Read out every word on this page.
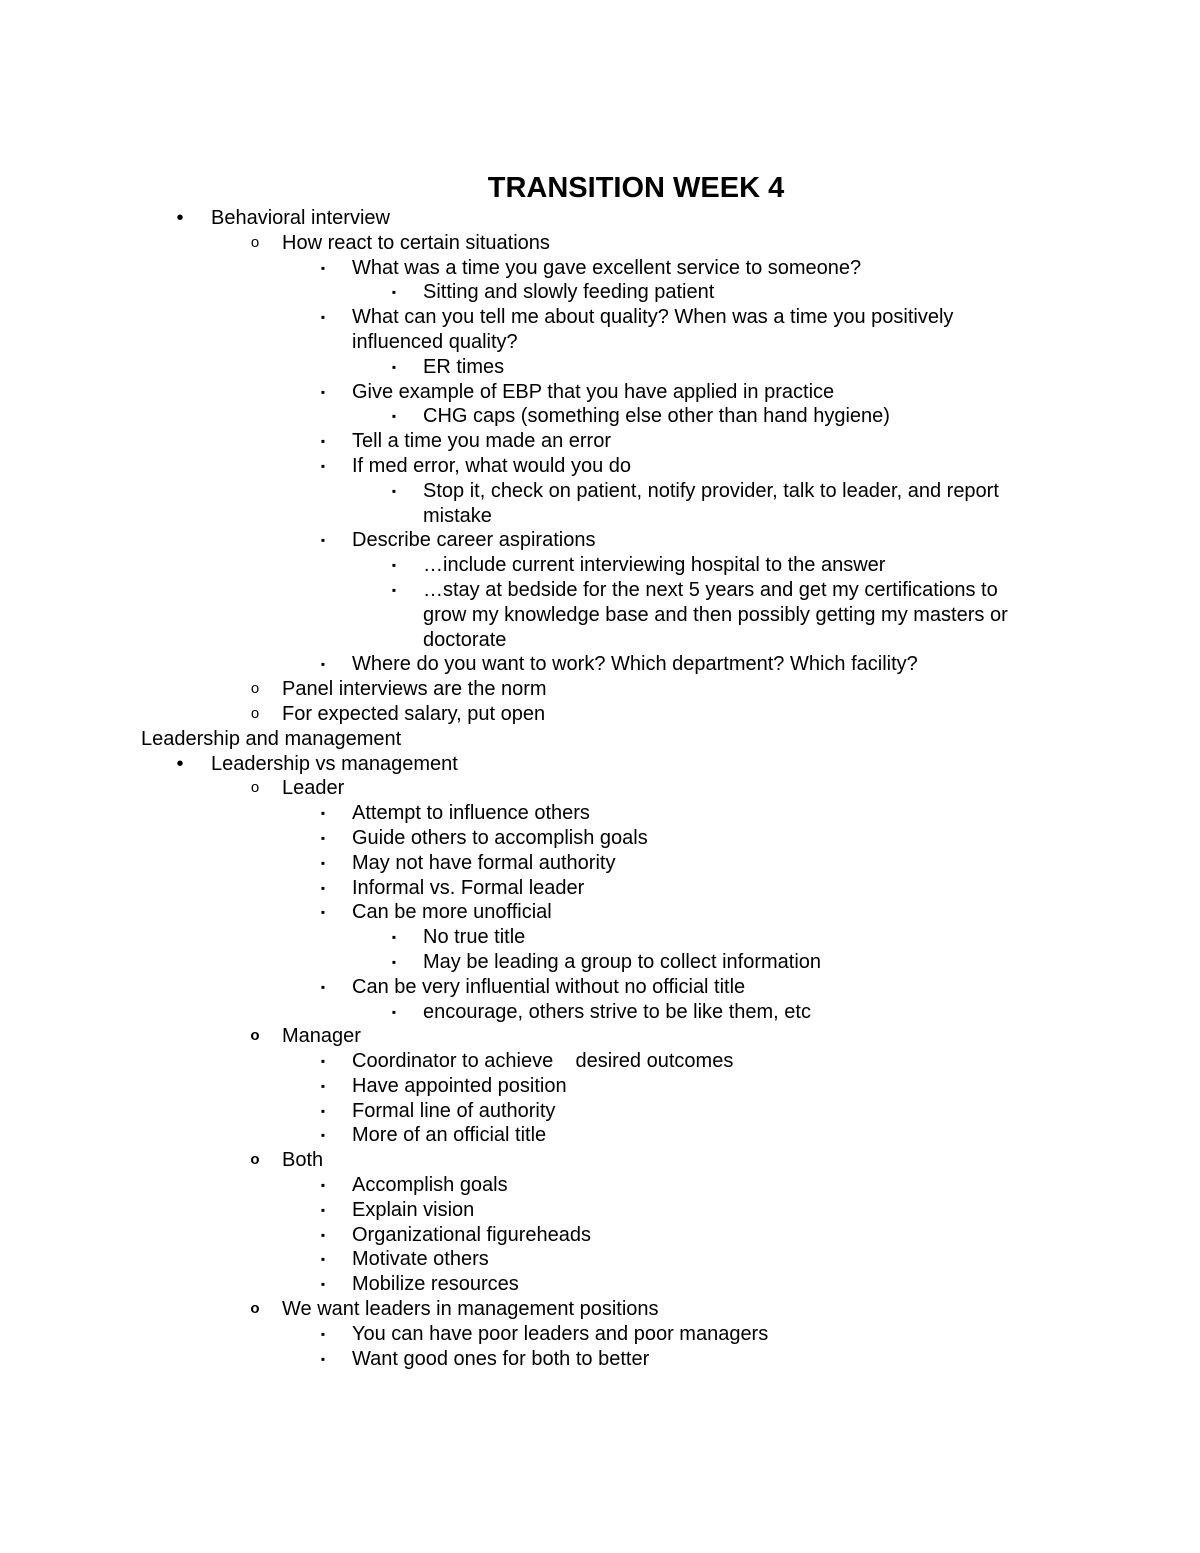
TRANSITION WEEK 4
•	Behavioral interview
o How react to certain situations
▪	What was a time you gave excellent service to someone?
▪	Sitting and slowly feeding patient
▪	What can you tell me about quality? When was a time you positively
influenced quality?
▪	ER times
▪	Give example of EBP that you have applied in practice
▪	CHG caps (something else other than hand hygiene)
▪	Tell a time you made an error
▪	If med error, what would you do
▪	Stop it, check on patient, notify provider, talk to leader, and report
mistake
▪	Describe career aspirations
▪	…include current interviewing hospital to the answer
▪	…stay at bedside for the next 5 years and get my certifications to
grow my knowledge base and then possibly getting my masters or
doctorate
▪	Where do you want to work? Which department? Which facility?
o Panel interviews are the norm
o For expected salary, put open
Leadership and management
•	Leadership vs management
o Leader
▪	Attempt to influence others
▪	Guide others to accomplish goals
▪	May not have formal authority
▪	Informal vs. Formal leader
▪	Can be more unofficial
▪	No true title
▪	May be leading a group to collect information
▪	Can be very influential without no official title
▪	encourage, others strive to be like them, etc
o Manager
▪	Coordinator to achieve    desired outcomes
▪	Have appointed position
▪	Formal line of authority
▪	More of an official title
o Both
▪	Accomplish goals
▪	Explain vision
▪	Organizational figureheads
▪	Motivate others
▪	Mobilize resources
o We want leaders in management positions
▪	You can have poor leaders and poor managers
▪	Want good ones for both to better
